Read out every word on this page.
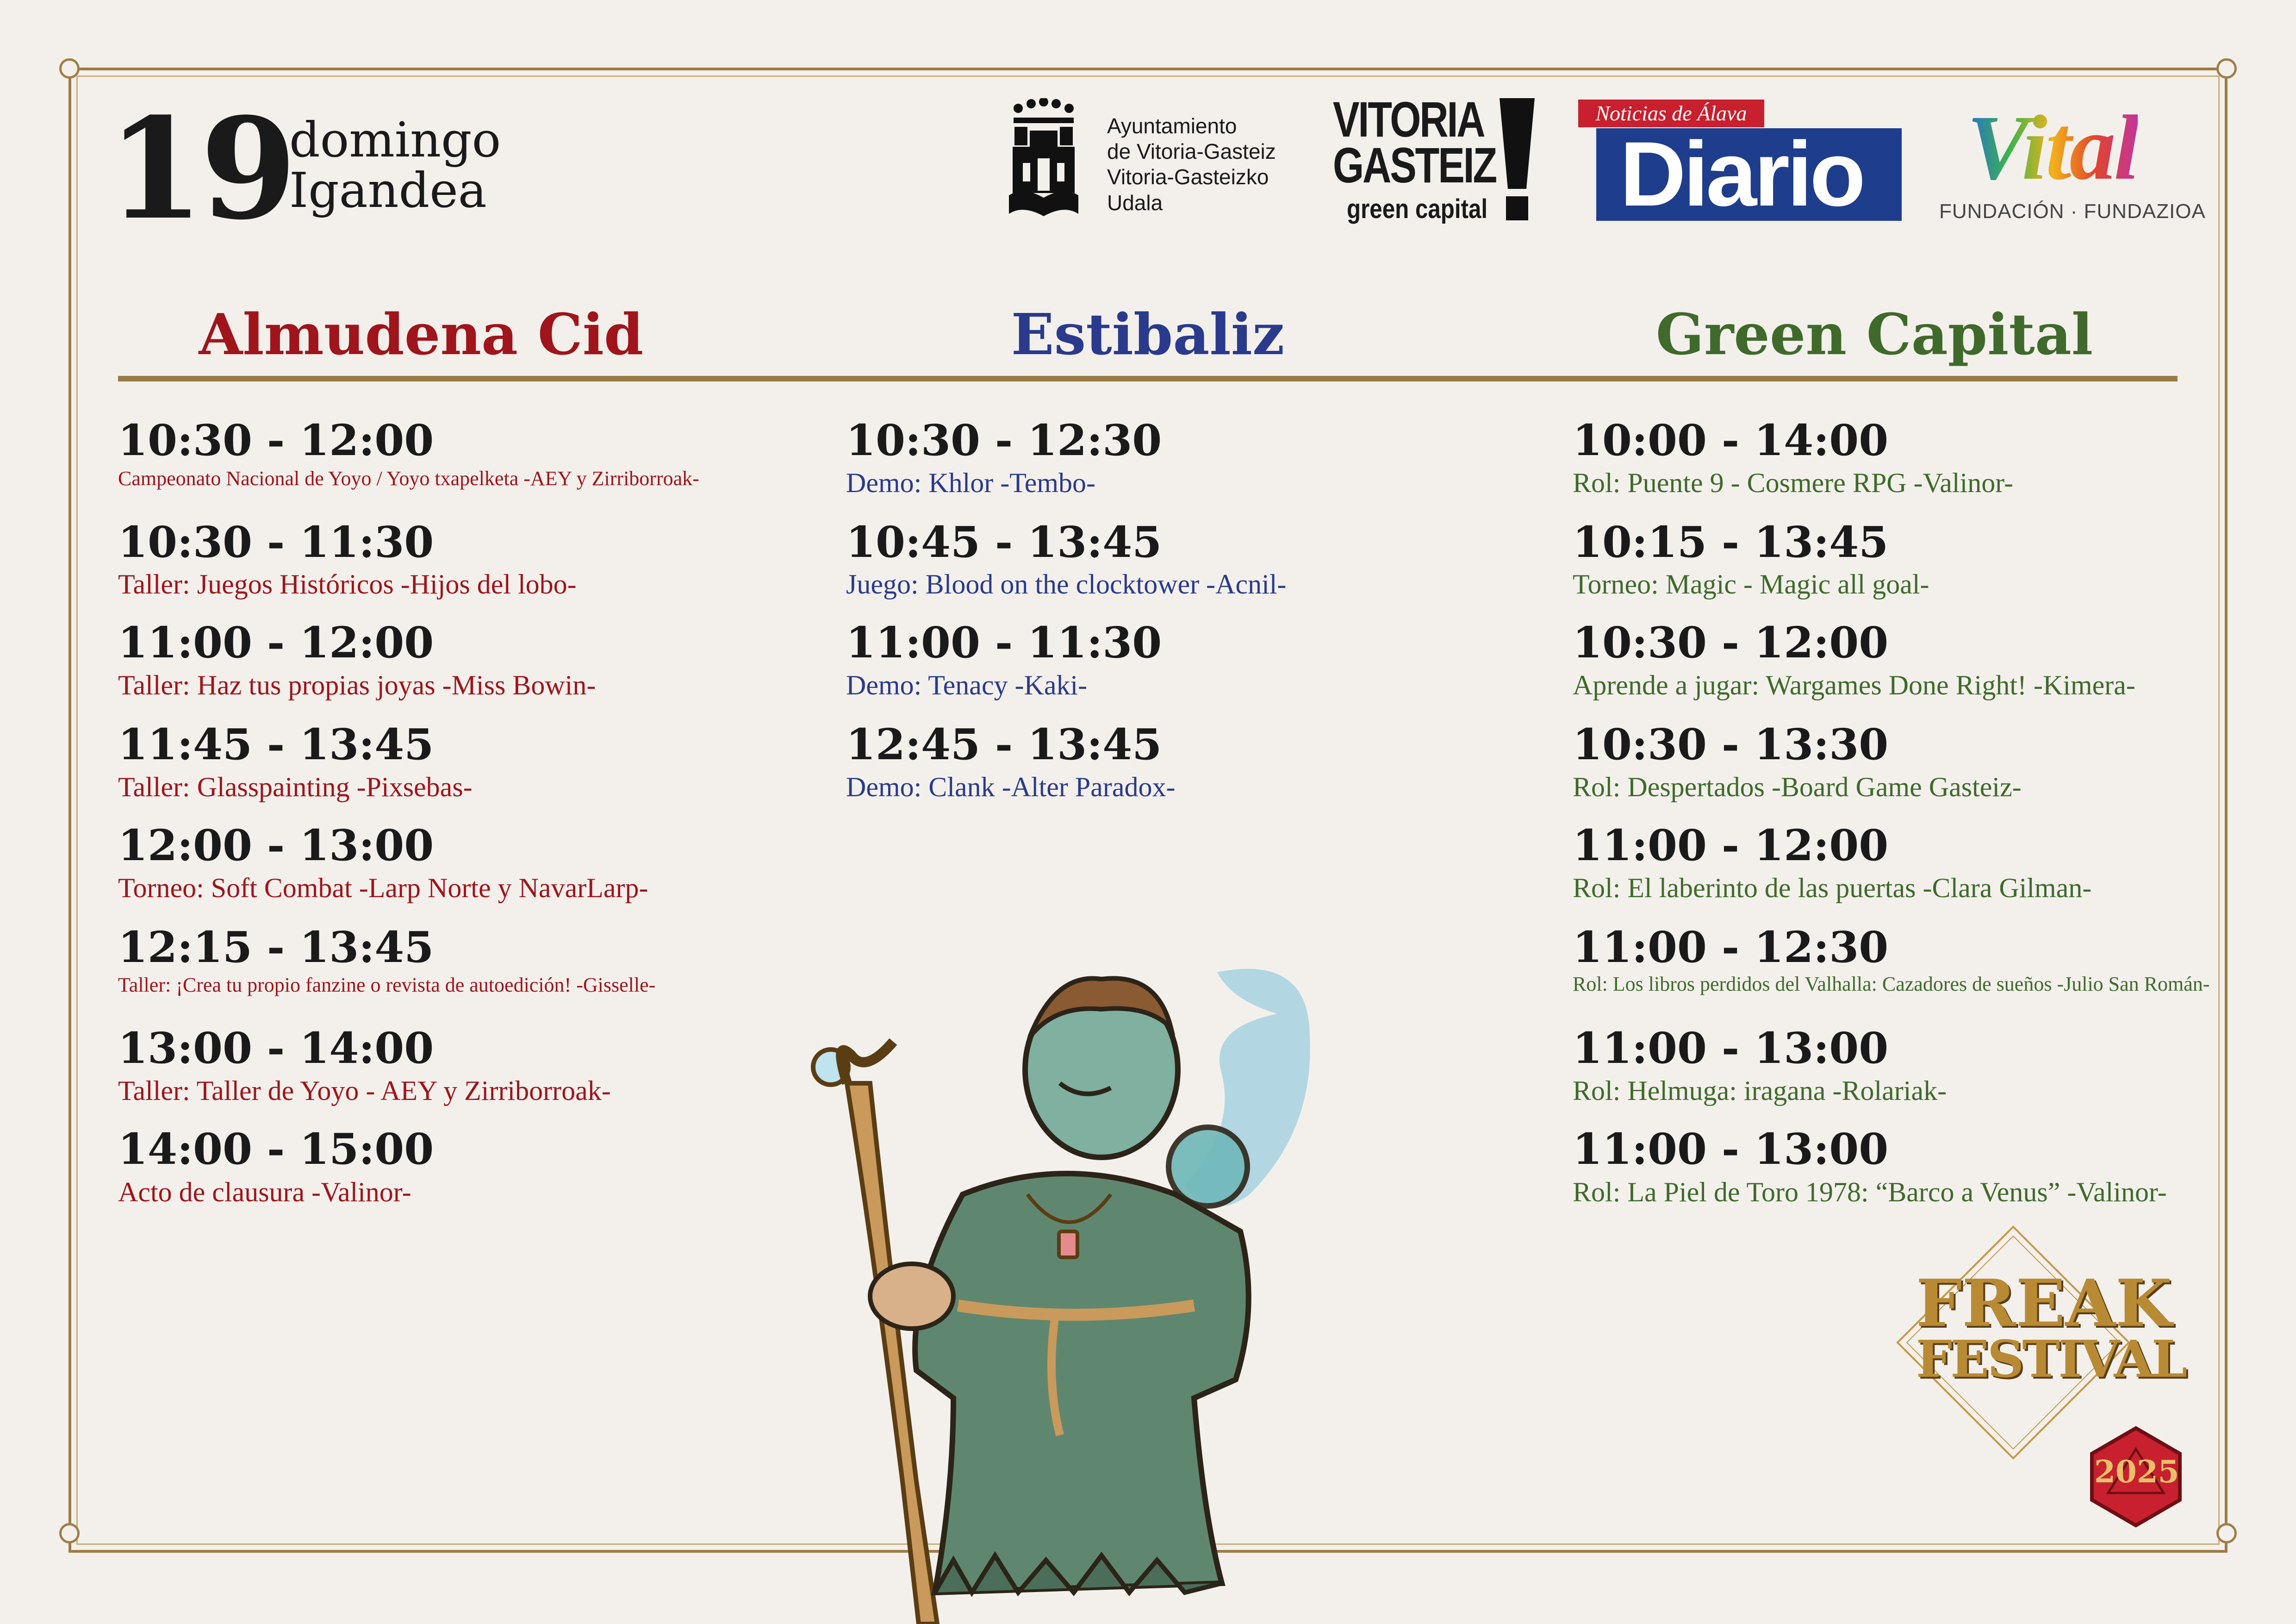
19
domingo
Igandea
Ayuntamiento
de Vitoria-Gasteiz
Vitoria-Gasteizko
Udala
VITORIA
GASTEIZ
green capital
Noticias de Álava
Diario Vital
FUNDACIÓN · FUNDAZIOA
Almudena Cid	Estibaliz	Green Capital
10:30 - 12:00
Campeonato Nacional de Yoyo / Yoyo txapelketa -AEY y Zirriborroak-
10:30 - 11:30
Taller: Juegos Históricos -Hijos del lobo-
11:00 - 12:00
Taller: Haz tus propias joyas -Miss Bowin-
11:45 - 13:45
Taller: Glasspainting -Pixsebas-
12:00 - 13:00
Torneo: Soft Combat -Larp Norte y NavarLarp-
12:15 - 13:45
Taller: ¡Crea tu propio fanzine o revista de autoedición! -Gisselle-
13:00 - 14:00
Taller: Taller de Yoyo - AEY y Zirriborroak-
14:00 - 15:00
Acto de clausura -Valinor-
10:30 - 12:30
Demo: Khlor -Tembo-
10:45 - 13:45
Juego: Blood on the clocktower -Acnil-
11:00 - 11:30
Demo: Tenacy -Kaki-
12:45 - 13:45
Demo: Clank -Alter Paradox-
10:00 - 14:00
Rol: Puente 9 - Cosmere RPG -Valinor-
10:15 - 13:45
Torneo: Magic - Magic all goal-
10:30 - 12:00
Aprende a jugar: Wargames Done Right! -Kimera-
10:30 - 13:30
Rol: Despertados -Board Game Gasteiz-
11:00 - 12:00
Rol: El laberinto de las puertas -Clara Gilman-
11:00 - 12:30
Rol: Los libros perdidos del Valhalla: Cazadores de sueños -Julio San Román-
11:00 - 13:00
Rol: Helmuga: iragana -Rolariak-
11:00 - 13:00
Rol: La Piel de Toro 1978: “Barco a Venus” -Valinor-
FREAK
FESTIVAL
2025
